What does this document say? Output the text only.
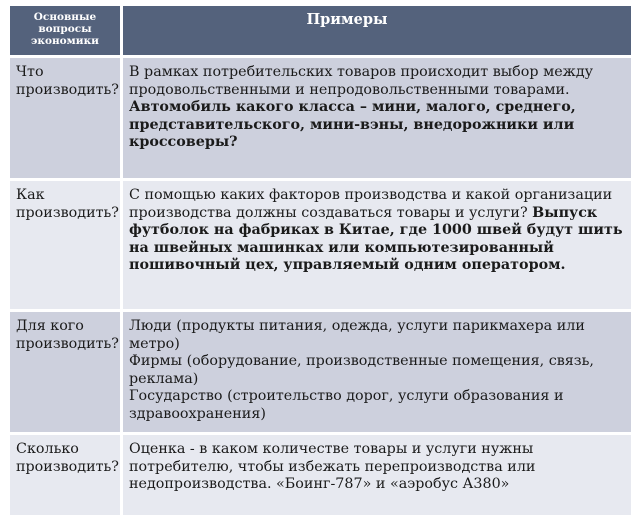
Основные вопросы экономики	Примеры
Что производить?	В рамках потребительских товаров происходит выбор между продовольственными и непродовольственными товарами.
Автомобиль какого класса – мини, малого, среднего, представительского, мини-вэны, внедорожники или кроссоверы?
Как производить?	С помощью каких факторов производства и какой организации производства должны создаваться товары и услуги? Выпуск футболок на фабриках в Китае, где 1000 швей будут шить на швейных машинках или компьютезированный пошивочный цех, управляемый одним оператором.
Для кого производить?	Люди (продукты питания, одежда, услуги парикмахера или метро)
Фирмы (оборудование, производственные помещения, связь, реклама)
Государство (строительство дорог, услуги образования и здравоохранения)

Сколько производить?	Оценка - в каком количестве товары и услуги нужны потребителю, чтобы избежать перепроизводства или недопроизводства. «Боинг-787» и «аэробус А380»
